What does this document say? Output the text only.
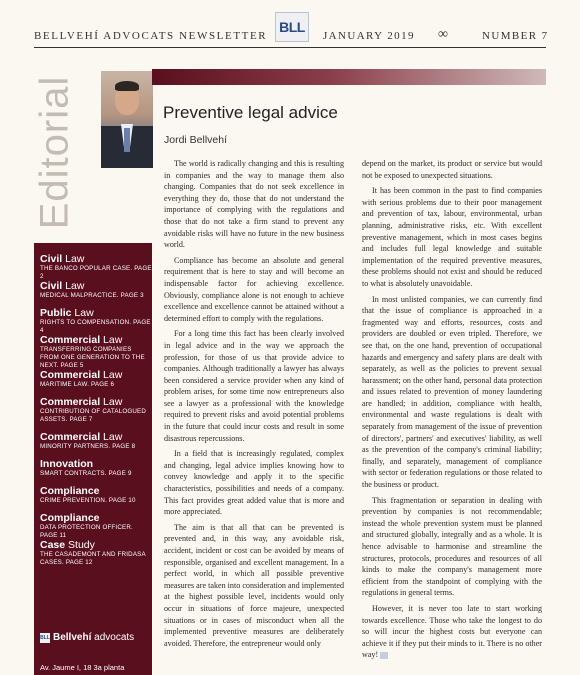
BELLVEHÍ ADVOCATS NEWSLETTER
BLL
JANUARY 2019 ∞	NUMBER 7
Editorial
Civil Law
THE BANCO POPULAR CASE. PAGE 2
Civil Law
MEDICAL MALPRACTICE. PAGE 3
Public Law
RIGHTS TO COMPENSATION. PAGE 4
Commercial Law
TRANSFERRING COMPANIES FROM ONE GENERATION TO THE NEXT. PAGE 5
Commercial Law
MARITIME LAW. PAGE 6
Commercial Law
CONTRIBUTION OF CATALOGUED ASSETS. PAGE 7
Commercial Law
MINORITY PARTNERS. PAGE 8
Innovation
SMART CONTRACTS. PAGE 9
Compliance
CRIME PREVENTION. PAGE 10
Compliance
DATA PROTECTION OFFICER. PAGE 11
Case Study
THE CASADEMONT AND FRIDASA CASES. PAGE 12
BLL Bellvehí advocats
Av. Jaume I, 18 3a planta
Preventive legal advice
Jordi Bellvehí

The world is radically changing and this is resulting in companies and the way to manage them also changing. Companies that do not seek excellence in everything they do, those that do not understand the importance of complying with the regulations and those that do not take a firm stand to prevent any avoidable risks will have no future in the new business world.

Compliance has become an absolute and general requirement that is here to stay and will become an indispensable factor for achieving excellence. Obviously, compliance alone is not enough to achieve excellence and excellence cannot be attained without a determined effort to comply with the regulations.

For a long time this fact has been clearly involved in legal advice and in the way we approach the profession, for those of us that provide advice to companies. Although traditionally a lawyer has always been considered a service provider when any kind of problem arises, for some time now entrepreneurs also see a lawyer as a professional with the knowledge required to prevent risks and avoid potential problems in the future that could incur costs and result in some disastrous repercussions.

In a field that is increasingly regulated, complex and changing, legal advice implies knowing how to convey knowledge and apply it to the specific characteristics, possibilities and needs of a company. This fact provides great added value that is more and more appreciated.

The aim is that all that can be prevented is prevented and, in this way, any avoidable risk, accident, incident or cost can be avoided by means of responsible, organised and excellent management. In a perfect world, in which all possible preventive measures are taken into consideration and implemented at the highest possible level, incidents would only occur in situations of force majeure, unexpected situations or in cases of misconduct when all the implemented preventive measures are deliberately avoided. Therefore, the entrepreneur would only

depend on the market, its product or service but would not be exposed to unexpected situations.

It has been common in the past to find companies with serious problems due to their poor management and prevention of tax, labour, environmental, urban planning, administrative risks, etc. With excellent preventive management, which in most cases begins and includes full legal knowledge and suitable implementation of the required preventive measures, these problems should not exist and should be reduced to what is absolutely unavoidable.

In most unlisted companies, we can currently find that the issue of compliance is approached in a fragmented way and efforts, resources, costs and providers are doubled or even tripled. Therefore, we see that, on the one hand, prevention of occupational hazards and emergency and safety plans are dealt with separately, as well as the policies to prevent sexual harassment; on the other hand, personal data protection and issues related to prevention of money laundering are handled; in addition, compliance with health, environmental and waste regulations is dealt with separately from management of the issue of prevention of directors', partners' and executives' liability, as well as the prevention of the company's criminal liability; finally, and separately, management of compliance with sector or federation regulations or those related to the business or product.

This fragmentation or separation in dealing with prevention by companies is not recommendable; instead the whole prevention system must be planned and structured globally, integrally and as a whole. It is hence advisable to harmonise and streamline the structures, protocols, procedures and resources of all kinds to make the company's management more efficient from the standpoint of complying with the regulations in general terms.

However, it is never too late to start working towards excellence. Those who take the longest to do so will incur the highest costs but everyone can achieve it if they put their minds to it. There is no other way!
